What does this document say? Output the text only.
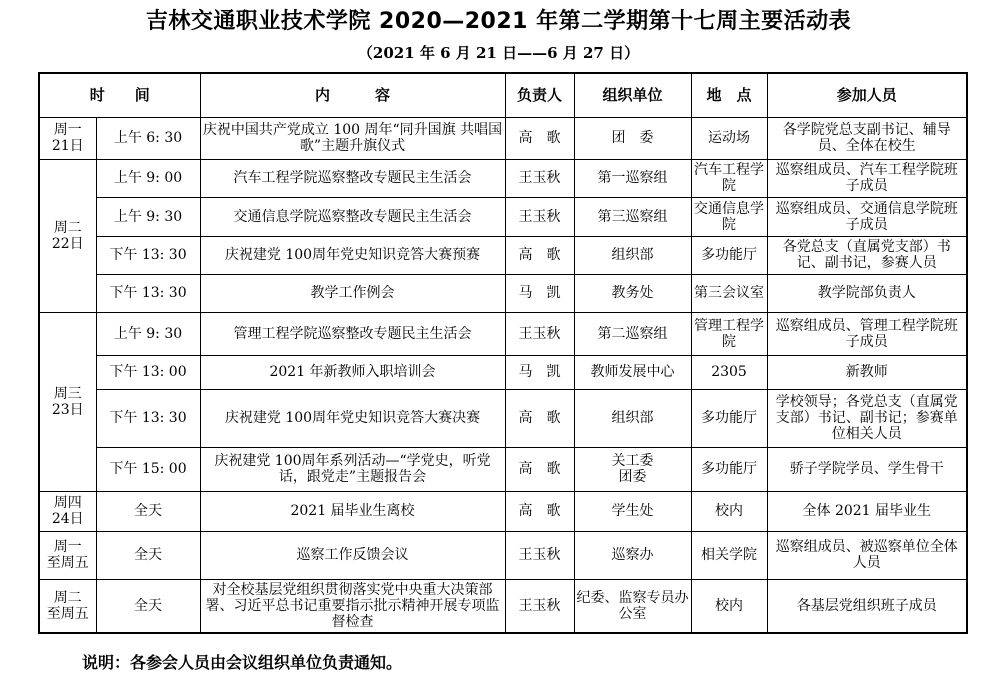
吉林交通职业技术学院 2020—2021 年第二学期第十七周主要活动表
（2021 年 6 月 21 日——6 月 27 日）
时　　间		内　　　容	负责人	组织单位	地　点	参加人员
周一
21日	上午 6: 30	庆祝中国共产党成立 100 周年“同升国旗 共唱国歌”主题升旗仪式	高　歌	团　委	运动场	各学院党总支副书记、辅导员、全体在校生
周二
22日	上午 9: 00	汽车工程学院巡察整改专题民主生活会	王玉秋	第一巡察组	汽车工程学院	巡察组成员、汽车工程学院班子成员
	上午 9: 30	交通信息学院巡察整改专题民主生活会	王玉秋	第三巡察组	交通信息学院	巡察组成员、交通信息学院班子成员
	下午 13: 30	庆祝建党 100周年党史知识竞答大赛预赛	高　歌	组织部	多功能厅	各党总支（直属党支部）书记、副书记，参赛人员
	下午 13: 30	教学工作例会	马　凯	教务处	第三会议室	教学院部负责人
周三
23日	上午 9: 30	管理工程学院巡察整改专题民主生活会	王玉秋	第二巡察组	管理工程学院	巡察组成员、管理工程学院班子成员
	下午 13: 00	2021 年新教师入职培训会	马　凯	教师发展中心	2305	新教师
	下午 13: 30	庆祝建党 100周年党史知识竞答大赛决赛	高　歌	组织部	多功能厅	学校领导；各党总支（直属党支部）书记、副书记；参赛单位相关人员
	下午 15: 00	庆祝建党 100周年系列活动—“学党史，听党话，跟党走”主题报告会	高　歌	关工委
团委	多功能厅	骄子学院学员、学生骨干
周四
24日	全天	2021 届毕业生离校	高　歌	学生处	校内	全体 2021 届毕业生
周一
至周五	全天	巡察工作反馈会议	王玉秋	巡察办	相关学院	巡察组成员、被巡察单位全体人员
周二
至周五	全天	对全校基层党组织贯彻落实党中央重大决策部署、习近平总书记重要指示批示精神开展专项监督检查	王玉秋	纪委、监察专员办公室	校内	各基层党组织班子成员
说明：各参会人员由会议组织单位负责通知。
